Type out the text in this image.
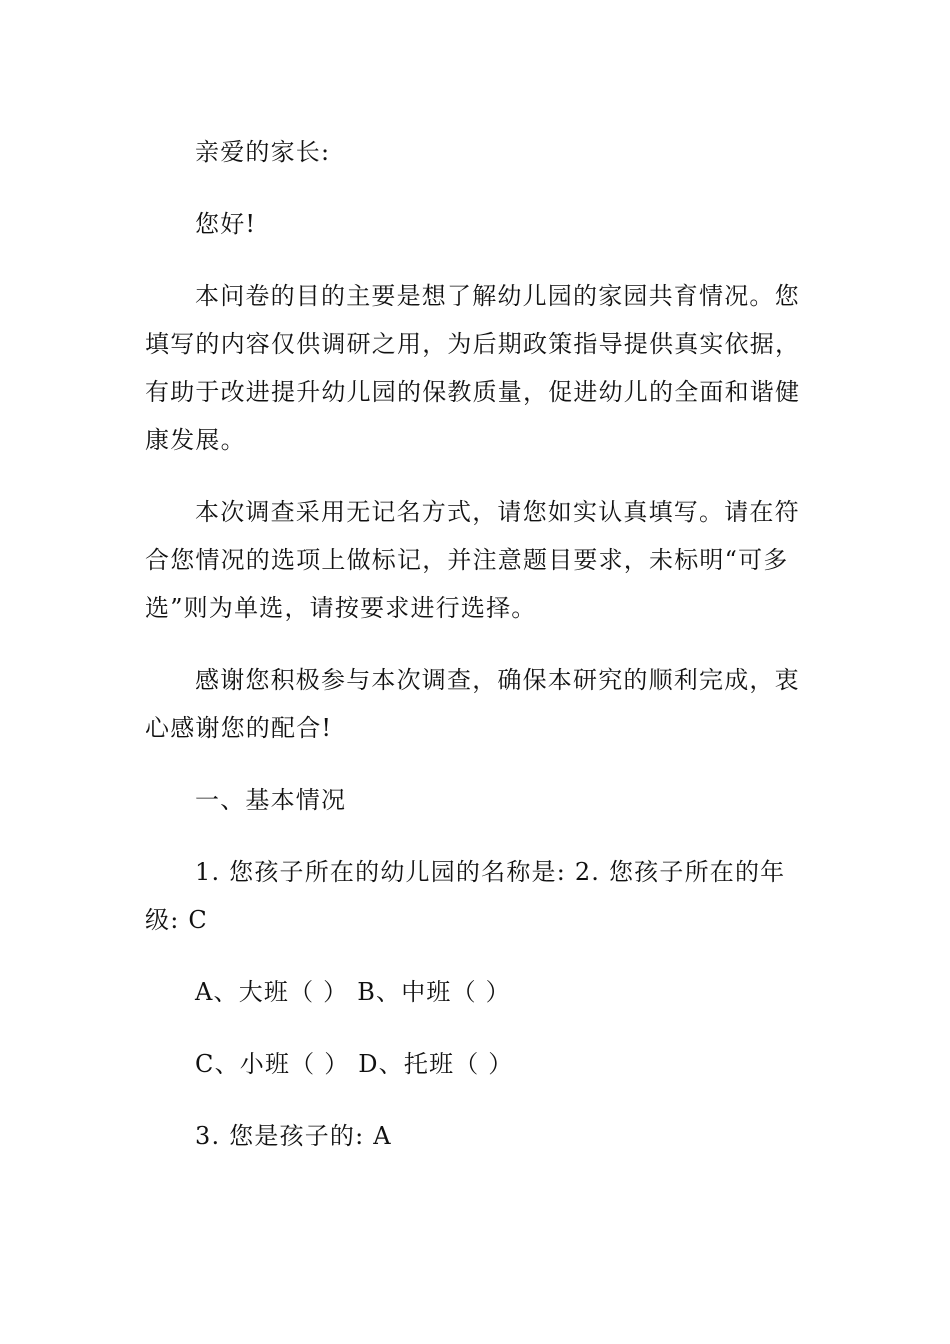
亲爱的家长:
您好!
本问卷的目的主要是想了解幼儿园的家园共育情况。您
填写的内容仅供调研之用，为后期政策指导提供真实依据，
有助于改进提升幼儿园的保教质量，促进幼儿的全面和谐健
康发展。
本次调查采用无记名方式，请您如实认真填写。请在符
合您情况的选项上做标记，并注意题目要求，未标明“可多
选”则为单选，请按要求进行选择。
感谢您积极参与本次调查，确保本研究的顺利完成，衷
心感谢您的配合!
一、基本情况
1. 您孩子所在的幼儿园的名称是: 2. 您孩子所在的年
级: C
A、大班（ ） B、中班（ ）
C、小班（ ） D、托班（ ）
3. 您是孩子的: A
